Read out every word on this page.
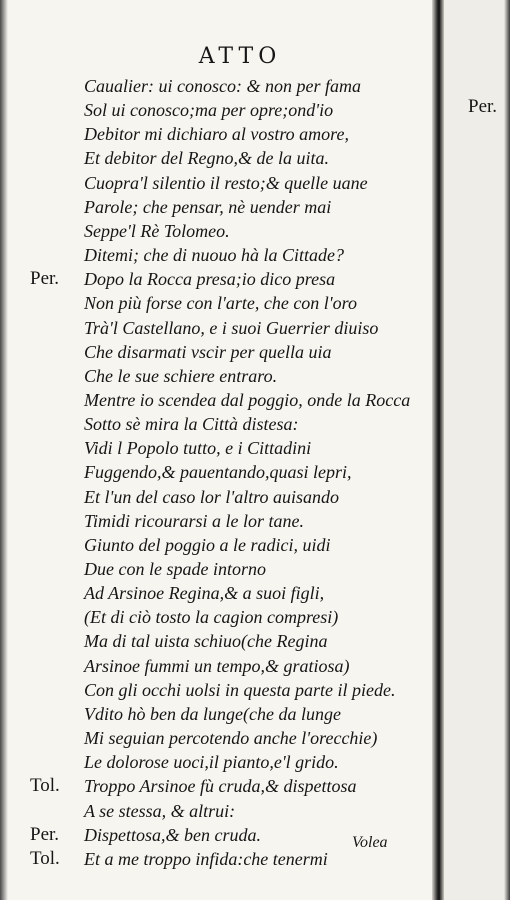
ATTO
Caualier: ui conosco: & non per fama
Sol ui conosco;ma per opre;ond'io
Debitor mi dichiaro al vostro amore,
Et debitor del Regno,& de la uita.
Cuopra'l silentio il resto;& quelle uane
Parole; che pensar, nè uender mai
Seppe'l Rè Tolomeo.
Ditemi; che di nuouo hà la Cittade?
Per.	Dopo la Rocca presa;io dico presa
Non più forse con l'arte, che con l'oro
Trà'l Castellano, e i suoi Guerrier diuiso
Che disarmati vscir per quella uia
Che le sue schiere entraro.
Mentre io scendea dal poggio, onde la Rocca
Sotto sè mira la Città distesa:
Vidi l Popolo tutto, e i Cittadini
Fuggendo,& pauentando,quasi lepri,
Et l'un del caso lor l'altro auisando
Timidi ricourarsi a le lor tane.
Giunto del poggio a le radici, uidi
Due con le spade intorno
Ad Arsinoe Regina,& a suoi figli,
(Et di ciò tosto la cagion compresi)
Ma di tal uista schiuo(che Regina
Arsinoe fummi un tempo,& gratiosa)
Con gli occhi uolsi in questa parte il piede.
Vdito hò ben da lunge(che da lunge
Mi seguian percotendo anche l'orecchie)
Le dolorose uoci,il pianto,e'l grido.
Tol.	Troppo Arsinoe fù cruda,& dispettosa
A se stessa, & altrui:
Per.	Dispettosa,& ben cruda.
Tol.	Et a me troppo infida:che tenermi
Volea
Per.
